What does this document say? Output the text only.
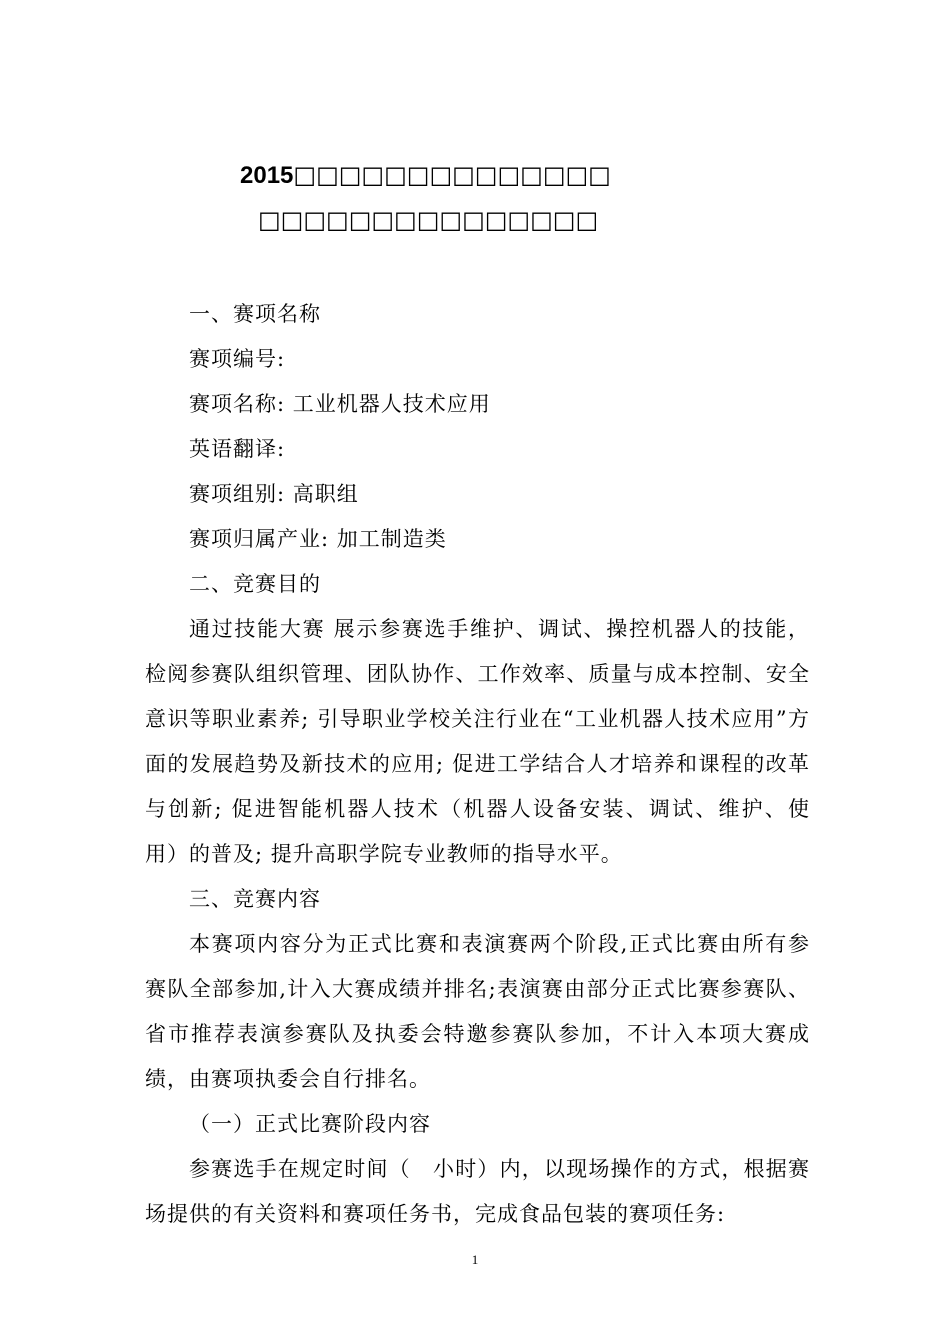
2015□□□□□□□□□□□□□□
□□□□□□□□□□□□□□□

一、赛项名称

赛项编号:

赛项名称: 工业机器人技术应用

英语翻译:

赛项组别: 高职组

赛项归属产业: 加工制造类

二、竞赛目的

通过技能大赛 展示参赛选手维护、调试、操控机器人的技能，检阅参赛队组织管理、团队协作、工作效率、质量与成本控制、安全意识等职业素养; 引导职业学校关注行业在“工业机器人技术应用”方面的发展趋势及新技术的应用; 促进工学结合人才培养和课程的改革与创新; 促进智能机器人技术（机器人设备安装、调试、维护、使用）的普及; 提升高职学院专业教师的指导水平。

三、竞赛内容

本赛项内容分为正式比赛和表演赛两个阶段,正式比赛由所有参赛队全部参加,计入大赛成绩并排名;表演赛由部分正式比赛参赛队、省市推荐表演参赛队及执委会特邀参赛队参加，不计入本项大赛成绩，由赛项执委会自行排名。

（一）正式比赛阶段内容

参赛选手在规定时间（　小时）内，以现场操作的方式，根据赛场提供的有关资料和赛项任务书，完成食品包装的赛项任务:

1
